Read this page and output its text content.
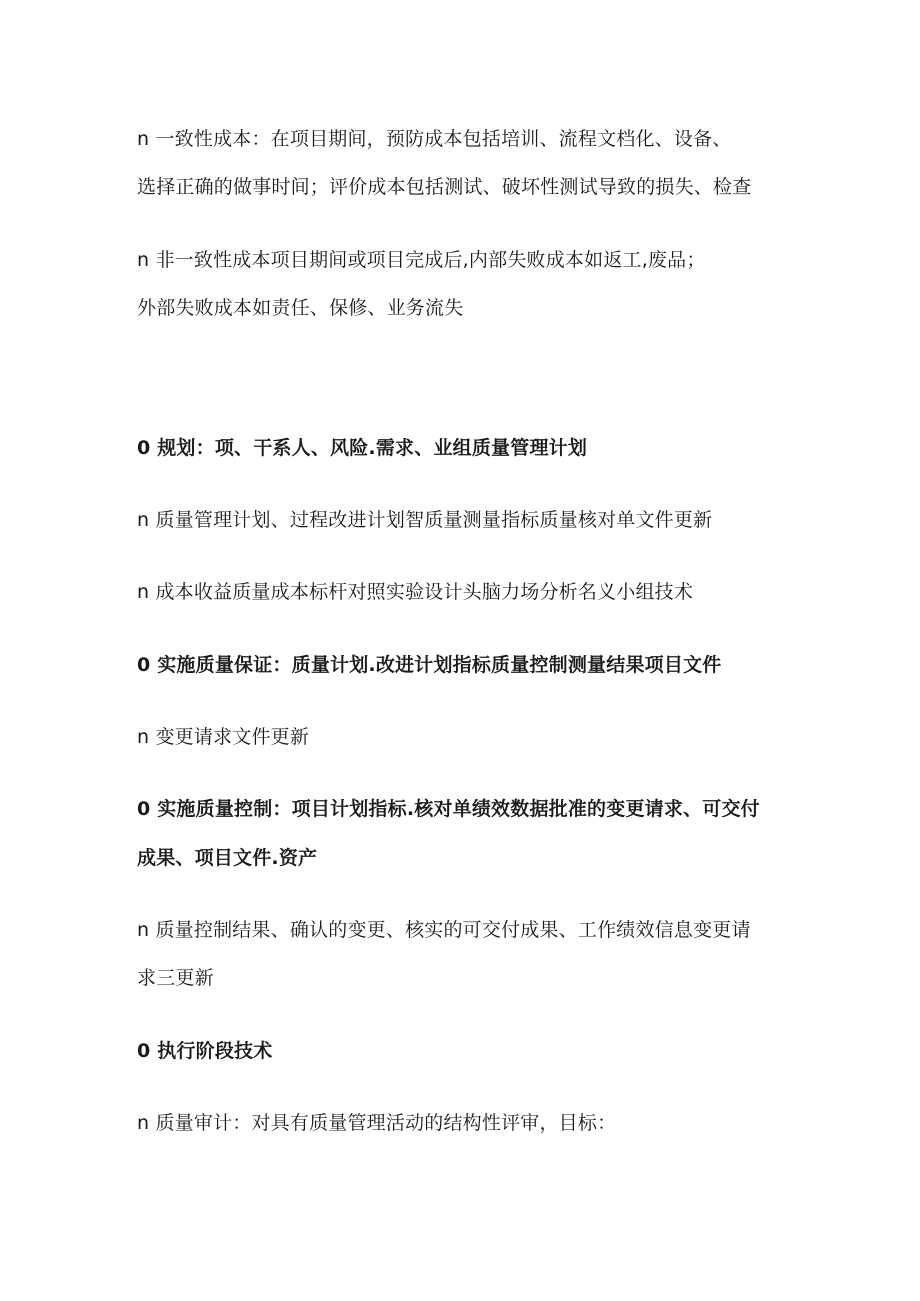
n 一致性成本：在项目期间，预防成本包括培训、流程文档化、设备、
选择正确的做事时间；评价成本包括测试、破坏性测试导致的损失、检查
n 非一致性成本项目期间或项目完成后,内部失败成本如返工,废品；
外部失败成本如责任、保修、业务流失
0 规划：项、干系人、风险.需求、业组质量管理计划
n 质量管理计划、过程改进计划智质量测量指标质量核对单文件更新
n 成本收益质量成本标杆对照实验设计头脑力场分析名义小组技术
0 实施质量保证：质量计划.改进计划指标质量控制测量结果项目文件
n 变更请求文件更新
0 实施质量控制：项目计划指标.核对单绩效数据批准的变更请求、可交付
成果、项目文件.资产
n 质量控制结果、确认的变更、核实的可交付成果、工作绩效信息变更请
求三更新
0 执行阶段技术
n 质量审计：对具有质量管理活动的结构性评审，目标：
